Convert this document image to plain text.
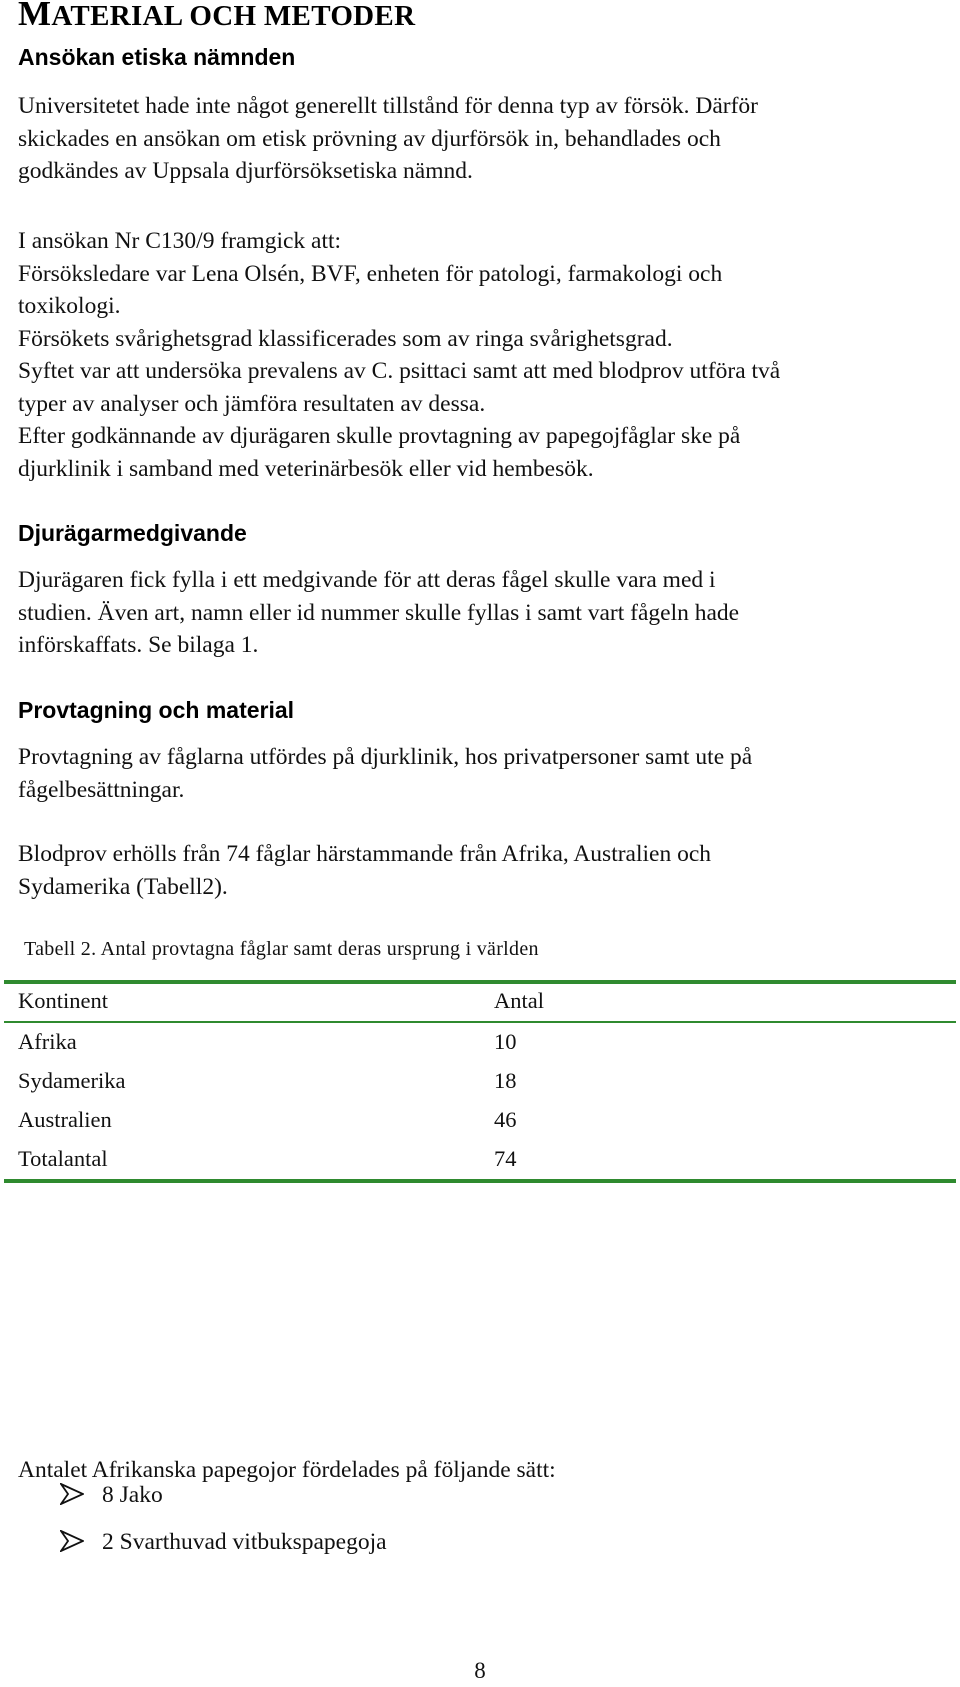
MATERIAL OCH METODER
Ansökan etiska nämnden
Universitetet hade inte något generellt tillstånd för denna typ av försök. Därför
skickades en ansökan om etisk prövning av djurförsök in, behandlades och
godkändes av Uppsala djurförsöksetiska nämnd.
I ansökan Nr C130/9 framgick att:
Försöksledare var Lena Olsén, BVF, enheten för patologi, farmakologi och
toxikologi.
Försökets svårighetsgrad klassificerades som av ringa svårighetsgrad.
Syftet var att undersöka prevalens av C. psittaci samt att med blodprov utföra två
typer av analyser och jämföra resultaten av dessa.
Efter godkännande av djurägaren skulle provtagning av papegojfåglar ske på
djurklinik i samband med veterinärbesök eller vid hembesök.
Djurägarmedgivande
Djurägaren fick fylla i ett medgivande för att deras fågel skulle vara med i
studien. Även art, namn eller id nummer skulle fyllas i samt vart fågeln hade
införskaffats. Se bilaga 1.
Provtagning och material
Provtagning av fåglarna utfördes på djurklinik, hos privatpersoner samt ute på
fågelbesättningar.
Blodprov erhölls från 74 fåglar härstammande från Afrika, Australien och
Sydamerika (Tabell2).

Tabell 2. Antal provtagna fåglar samt deras ursprung i världen

Kontinent	Antal

Afrika	10

Sydamerika	18

Australien	46

Totalantal	74

Antalet Afrikanska papegojor fördelades på följande sätt:
8 Jako
2 Svarthuvad vitbukspapegoja

8
